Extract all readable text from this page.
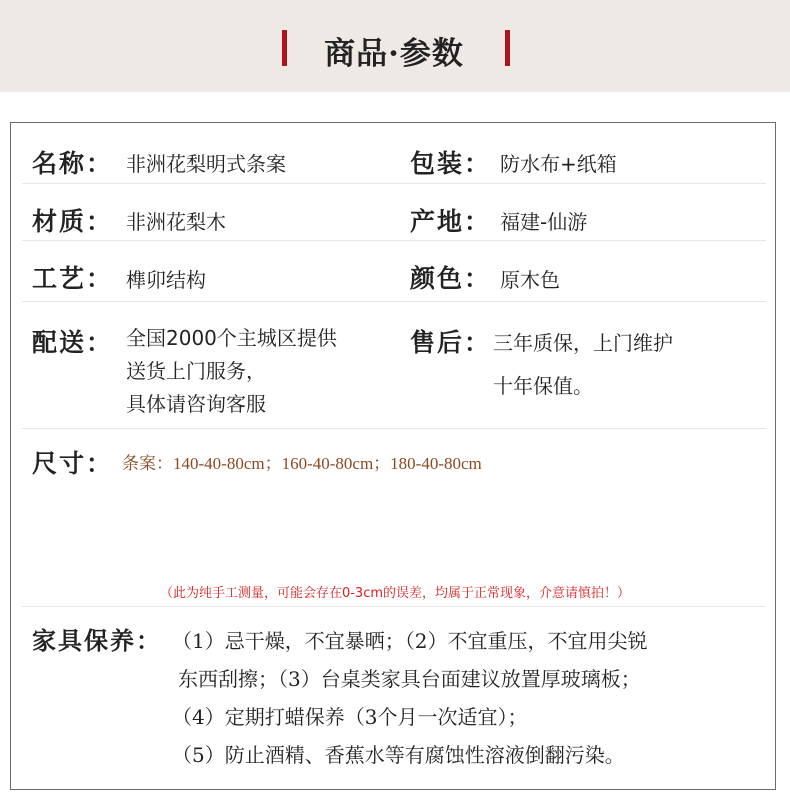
商品·参数
名称： 非洲花梨明式条案	包装： 防水布+纸箱
材质： 非洲花梨木	产地： 福建-仙游
工艺： 榫卯结构	颜色： 原木色
配送： 全国2000个主城区提供
送货上门服务，
具体请咨询客服
售后： 三年质保，上门维护
十年保值。
尺寸： 条案：140-40-80cm；160-40-80cm；180-40-80cm
（此为纯手工测量，可能会存在0-3cm的误差，均属于正常现象，介意请慎拍！）
家具保养： （1）忌干燥，不宜暴晒；（2）不宜重压，不宜用尖锐
东西刮擦；（3）台桌类家具台面建议放置厚玻璃板；
（4）定期打蜡保养（3个月一次适宜）；
（5）防止酒精、香蕉水等有腐蚀性溶液倒翻污染。
